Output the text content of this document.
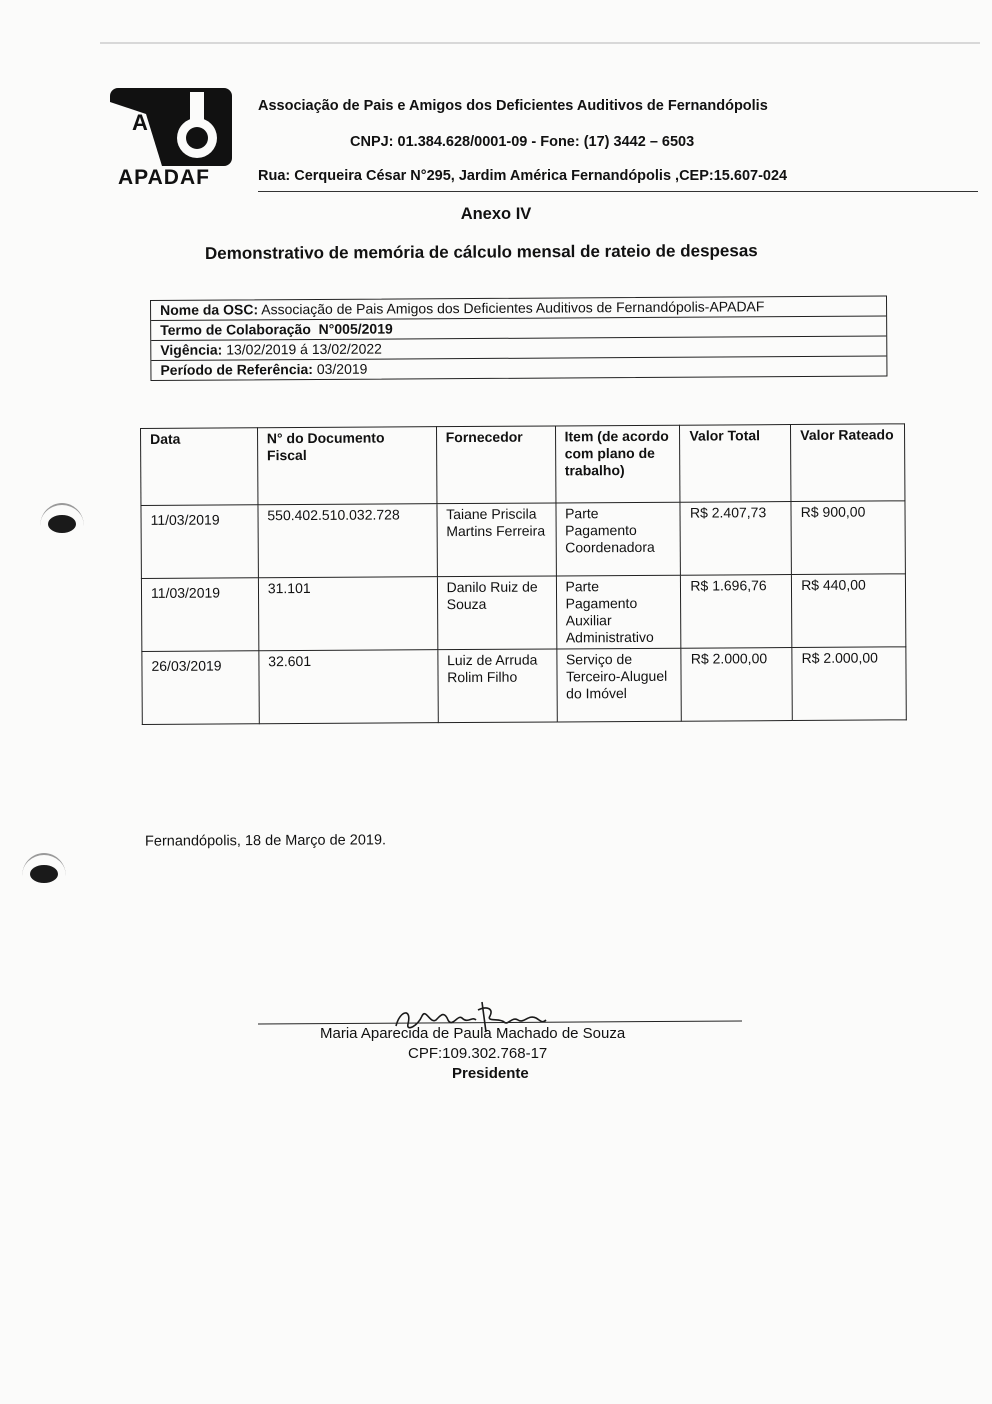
A
APADAF
Associação de Pais e Amigos dos Deficientes Auditivos de Fernandópolis
CNPJ: 01.384.628/0001-09 - Fone: (17) 3442 – 6503
Rua: Cerqueira César N°295, Jardim América Fernandópolis ,CEP:15.607-024
Anexo IV
Demonstrativo de memória de cálculo mensal de rateio de despesas
Nome da OSC: Associação de Pais Amigos dos Deficientes Auditivos de Fernandópolis-APADAF
Termo de Colaboração N°005/2019
Vigência: 13/02/2019 á 13/02/2022
Período de Referência: 03/2019
Data	N° do Documento Fiscal	Fornecedor	Item (de acordo com plano de trabalho)	Valor Total	Valor Rateado
11/03/2019	550.402.510.032.728	Taiane Priscila Martins Ferreira	Parte Pagamento Coordenadora	R$ 2.407,73	R$ 900,00
11/03/2019	31.101	Danilo Ruiz de Souza	Parte Pagamento Auxiliar Administrativo	R$ 1.696,76	R$ 440,00
26/03/2019	32.601	Luiz de Arruda Rolim Filho	Serviço de Terceiro-Aluguel do Imóvel	R$ 2.000,00	R$ 2.000,00
Fernandópolis, 18 de Março de 2019.
Maria Aparecida de Paula Machado de Souza
CPF:109.302.768-17
Presidente
